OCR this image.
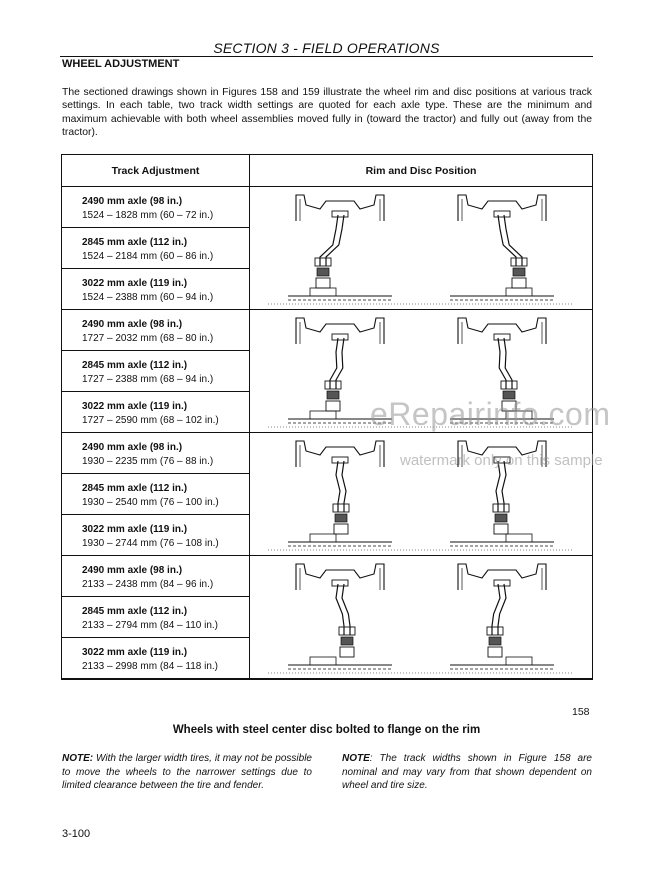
SECTION 3 - FIELD OPERATIONS
WHEEL ADJUSTMENT
The sectioned drawings shown in Figures 158 and 159 illustrate the wheel rim and disc positions at various track settings. In each table, two track width settings are quoted for each axle type. These are the minimum and maximum achievable with both wheel assemblies moved fully in (toward the tractor) and fully out (away from the tractor).
Track Adjustment	Rim and Disc Position
2490 mm axle (98 in.)
1524 – 1828 mm (60 – 72 in.)
2845 mm axle (112 in.)
1524 – 2184 mm (60 – 86 in.)
3022 mm axle (119 in.)
1524 – 2388 mm (60 – 94 in.)
2490 mm axle (98 in.)
1727 – 2032 mm (68 – 80 in.)
2845 mm axle (112 in.)
1727 – 2388 mm (68 – 94 in.)
3022 mm axle (119 in.)
1727 – 2590 mm (68 – 102 in.)
2490 mm axle (98 in.)
1930 – 2235 mm (76 – 88 in.)
2845 mm axle (112 in.)
1930 – 2540 mm (76 – 100 in.)
3022 mm axle (119 in.)
1930 – 2744 mm (76 – 108 in.)
2490 mm axle (98 in.)
2133 – 2438 mm (84 – 96 in.)
2845 mm axle (112 in.)
2133 – 2794 mm (84 – 110 in.)
3022 mm axle (119 in.)
2133 – 2998 mm (84 – 118 in.)
158
Wheels with steel center disc bolted to flange on the rim
NOTE: With the larger width tires, it may not be possible to move the wheels to the narrower settings due to limited clearance between the tire and fender.
NOTE: The track widths shown in Figure 158 are nominal and may vary from that shown dependent on wheel and tire size.
3-100
eRepairinfo.com
watermark only on this sample
